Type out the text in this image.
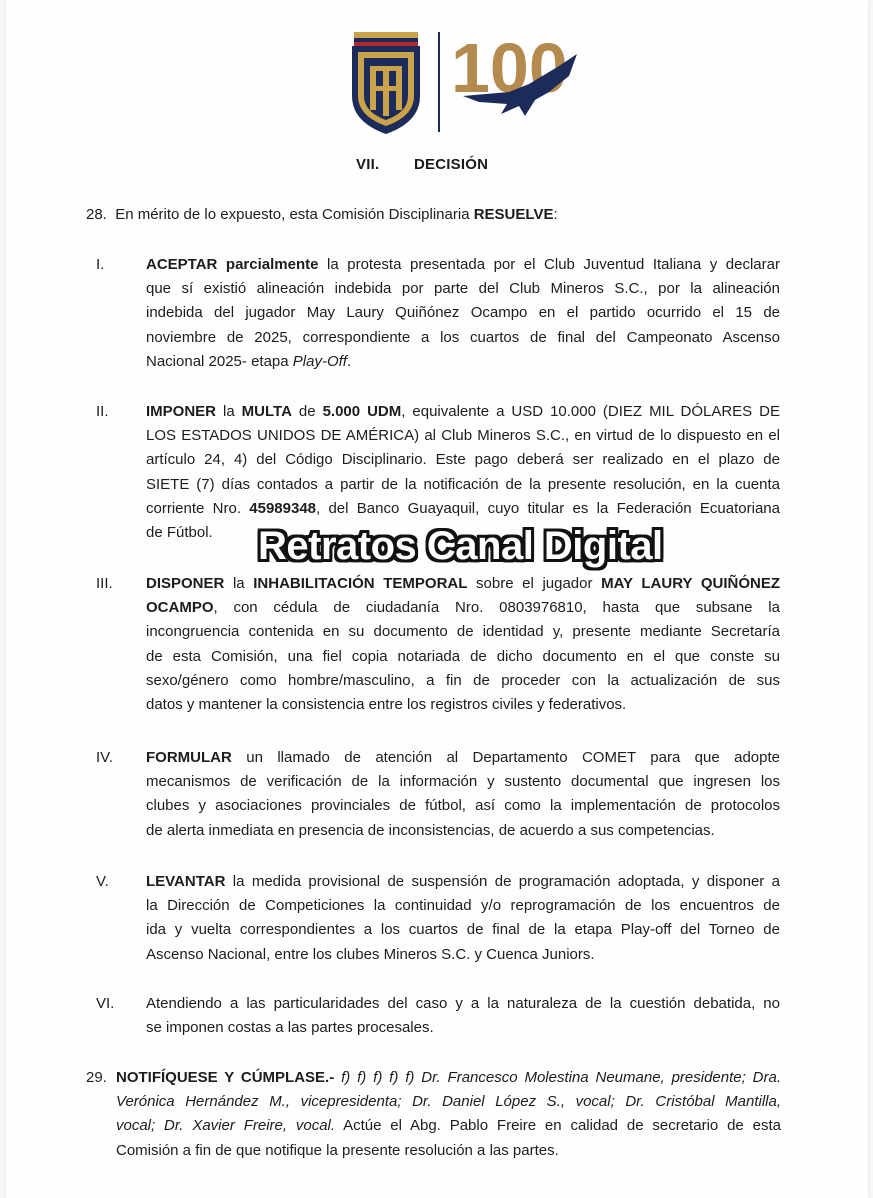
100
VII. DECISIÓN
28. En mérito de lo expuesto, esta Comisión Disciplinaria RESUELVE:
I.	ACEPTAR parcialmente la protesta presentada por el Club Juventud Italiana y declarar
que sí existió alineación indebida por parte del Club Mineros S.C., por la alineación
indebida del jugador May Laury Quiñónez Ocampo en el partido ocurrido el 15 de
noviembre de 2025, correspondiente a los cuartos de final del Campeonato Ascenso
Nacional 2025- etapa Play-Off.
II.	IMPONER la MULTA de 5.000 UDM, equivalente a USD 10.000 (DIEZ MIL DÓLARES DE
LOS ESTADOS UNIDOS DE AMÉRICA) al Club Mineros S.C., en virtud de lo dispuesto en el
artículo 24, 4) del Código Disciplinario. Este pago deberá ser realizado en el plazo de
SIETE (7) días contados a partir de la notificación de la presente resolución, en la cuenta
corriente Nro. 45989348, del Banco Guayaquil, cuyo titular es la Federación Ecuatoriana
de Fútbol.
III.	DISPONER la INHABILITACIÓN TEMPORAL sobre el jugador MAY LAURY QUIÑÓNEZ
OCAMPO, con cédula de ciudadanía Nro. 0803976810, hasta que subsane la
incongruencia contenida en su documento de identidad y, presente mediante Secretaría
de esta Comisión, una fiel copia notariada de dicho documento en el que conste su
sexo/género como hombre/masculino, a fin de proceder con la actualización de sus
datos y mantener la consistencia entre los registros civiles y federativos.
IV.	FORMULAR un llamado de atención al Departamento COMET para que adopte
mecanismos de verificación de la información y sustento documental que ingresen los
clubes y asociaciones provinciales de fútbol, así como la implementación de protocolos
de alerta inmediata en presencia de inconsistencias, de acuerdo a sus competencias.
V.	LEVANTAR la medida provisional de suspensión de programación adoptada, y disponer a
la Dirección de Competiciones la continuidad y/o reprogramación de los encuentros de
ida y vuelta correspondientes a los cuartos de final de la etapa Play-off del Torneo de
Ascenso Nacional, entre los clubes Mineros S.C. y Cuenca Juniors.
VI.	Atendiendo a las particularidades del caso y a la naturaleza de la cuestión debatida, no
se imponen costas a las partes procesales.
29. NOTIFÍQUESE Y CÚMPLASE.- f) f) f) f) f) Dr. Francesco Molestina Neumane, presidente; Dra.
Verónica Hernández M., vicepresidenta; Dr. Daniel López S., vocal; Dr. Cristóbal Mantilla,
vocal; Dr. Xavier Freire, vocal. Actúe el Abg. Pablo Freire en calidad de secretario de esta
Comisión a fin de que notifique la presente resolución a las partes.
Retratos Canal Digital
